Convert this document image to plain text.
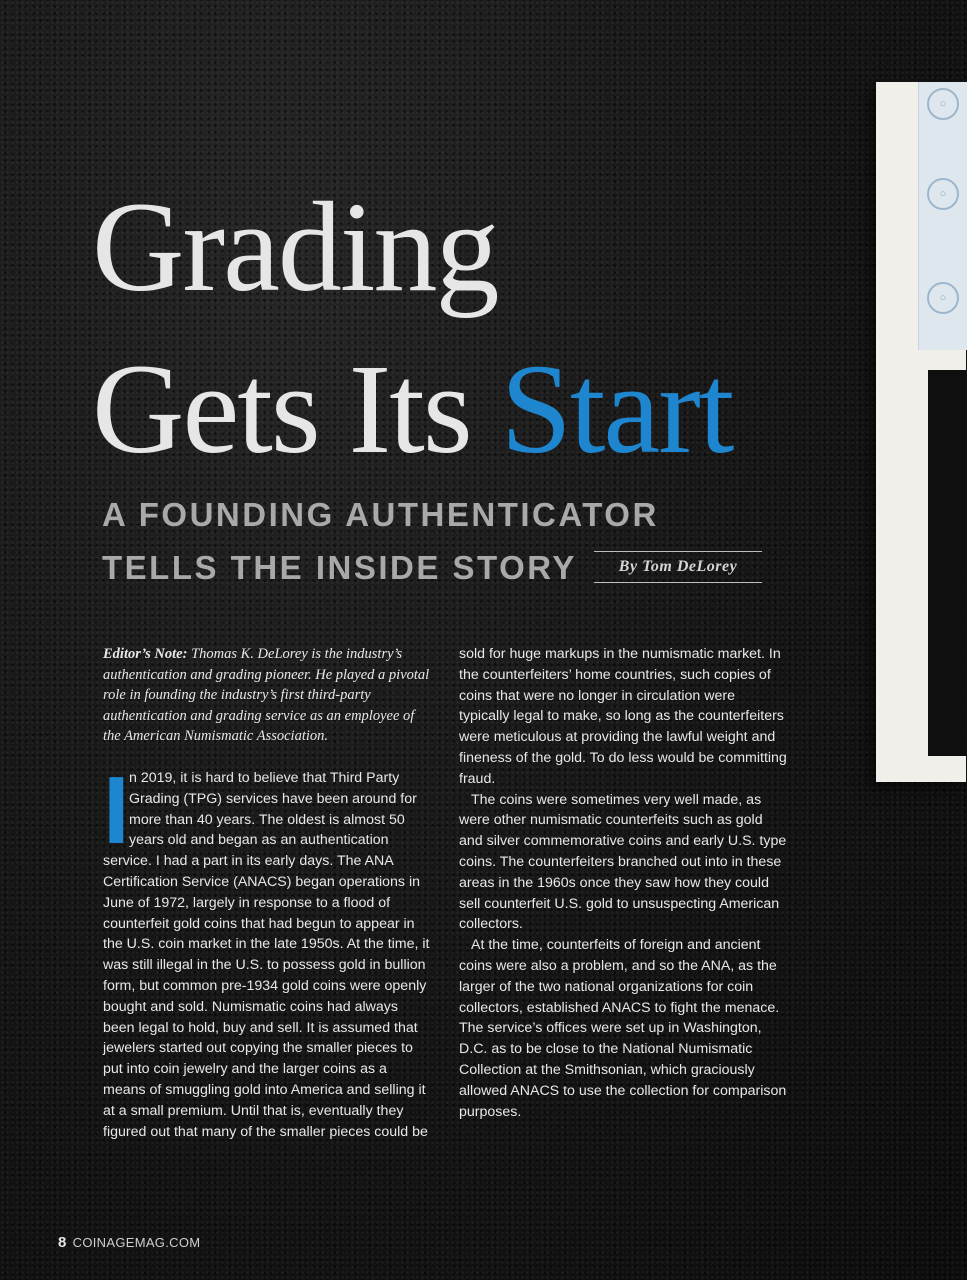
○
○
○
Grading
Gets Its Start
A FOUNDING AUTHENTICATOR
TELLS THE INSIDE STORY	By Tom DeLorey

Editor’s Note: Thomas K. DeLorey is the industry’s authentication and grading pioneer. He played a pivotal role in founding the industry’s first third-party authentication and grading service as an employee of the American Numismatic Association.

In 2019, it is hard to believe that Third Party Grading (TPG) services have been around for more than 40 years. The oldest is almost 50 years old and began as an authentication service. I had a part in its early days. The ANA Certification Service (ANACS) began operations in June of 1972, largely in response to a flood of counterfeit gold coins that had begun to appear in the U.S. coin market in the late 1950s. At the time, it was still illegal in the U.S. to possess gold in bullion form, but common pre-1934 gold coins were openly bought and sold. Numismatic coins had always been legal to hold, buy and sell. It is assumed that jewelers started out copying the smaller pieces to put into coin jewelry and the larger coins as a means of smuggling gold into America and selling it at a small premium. Until that is, eventually they figured out that many of the smaller pieces could be

sold for huge markups in the numismatic market. In the counterfeiters’ home countries, such copies of coins that were no longer in circulation were typically legal to make, so long as the counterfeiters were meticulous at providing the lawful weight and fineness of the gold. To do less would be committing fraud.

The coins were sometimes very well made, as were other numismatic counterfeits such as gold and silver commemorative coins and early U.S. type coins. The counterfeiters branched out into in these areas in the 1960s once they saw how they could sell counterfeit U.S. gold to unsuspecting American collectors.

At the time, counterfeits of foreign and ancient coins were also a problem, and so the ANA, as the larger of the two national organizations for coin collectors, established ANACS to fight the menace. The service’s offices were set up in Washington, D.C. as to be close to the National Numismatic Collection at the Smithsonian, which graciously allowed ANACS to use the collection for comparison purposes.

8 COINAGEMAG.COM
